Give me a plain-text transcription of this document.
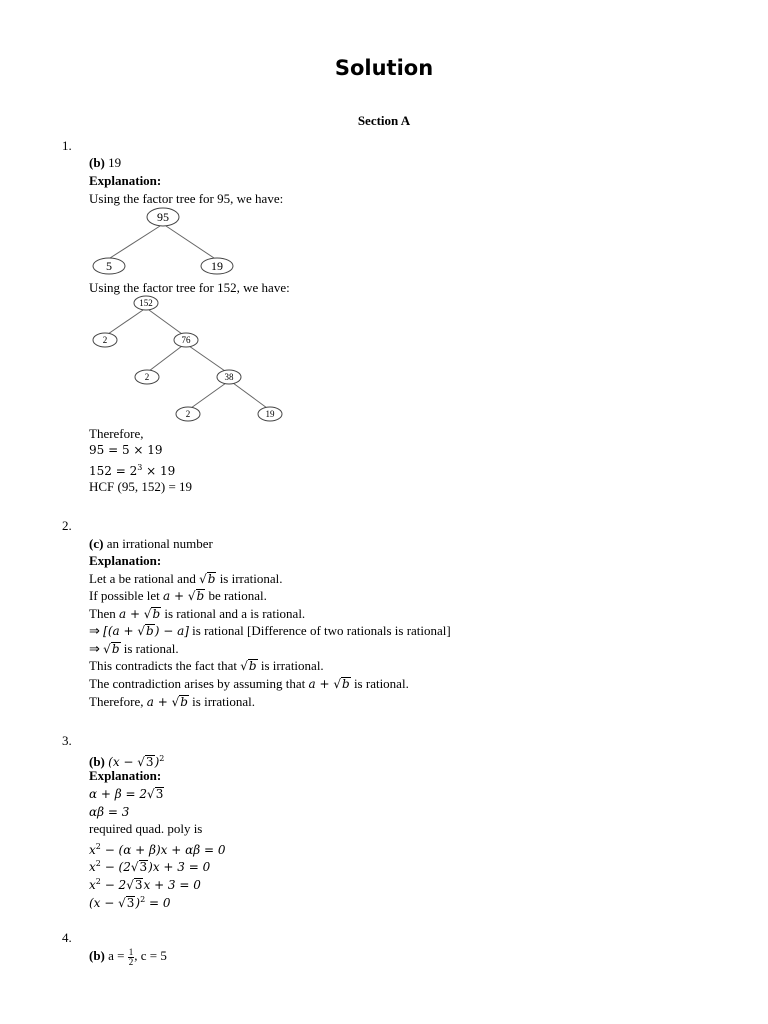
Solution
Section A
1.
(b) 19
Explanation:
Using the factor tree for 95, we have:
95
5	19
Using the factor tree for 152, we have:
152
2	76
2	38
2	19
Therefore,
95 = 5 × 19
$152 = 2^3 \times 19$
HCF (95, 152) = 19
2.
(c) an irrational number
Explanation:
Let a be rational and √b is irrational.
If possible let a + √b be rational.
Then a + √b is rational and a is rational.
⇒ [(a + √b) − a] is rational [Difference of two rationals is rational]
⇒ √b is rational.
This contradicts the fact that √b is irrational.
The contradiction arises by assuming that a + √b is rational.
Therefore, a + √b is irrational.
3.
(b) $(x - √3)^2$
Explanation:
α + β = 2√3
αβ = 3
required quad. poly is
$x^2 - (\alpha + \beta)x + \alpha\beta = 0$
$x^2 - (2√3)x + 3 = 0$
$x^2 - 2√3x + 3 = 0$
$(x - √3)^2 = 0$
4.
(b) $a = \frac{1}{2}$ , c = 5
